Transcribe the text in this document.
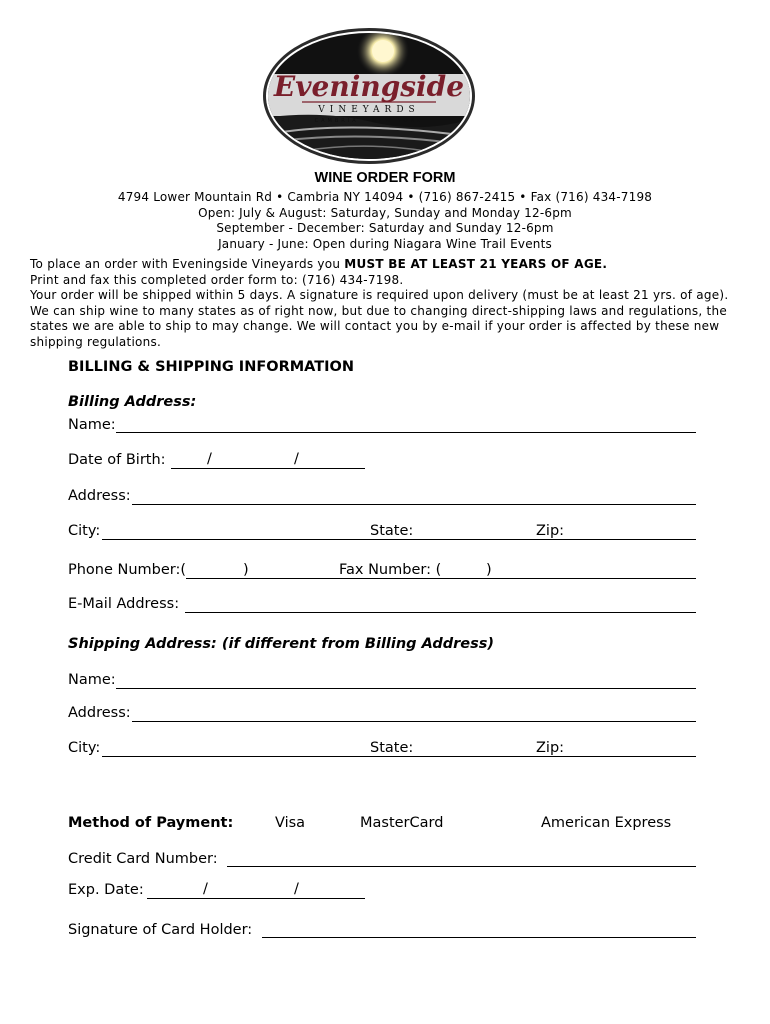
Eveningside
VINEYARDS
CAMBRIA · NEW YORK
WINE ORDER FORM
4794 Lower Mountain Rd • Cambria NY 14094 • (716) 867-2415 • Fax (716) 434-7198
Open: July & August: Saturday, Sunday and Monday 12-6pm
September - December: Saturday and Sunday 12-6pm
January - June: Open during Niagara Wine Trail Events

To place an order with Eveningside Vineyards you MUST BE AT LEAST 21 YEARS OF AGE.

Print and fax this completed order form to: (716) 434-7198.

Your order will be shipped within 5 days. A signature is required upon delivery (must be at least 21 yrs. of age). We can ship wine to many states as of right now, but due to changing direct-shipping laws and regulations, the states we are able to ship to may change. We will contact you by e-mail if your order is affected by these new shipping regulations.

BILLING & SHIPPING INFORMATION
Billing Address:
Name:
Date of Birth:	/	/
Address:
City:	State:	Zip:
Phone Number:(	)	Fax Number: (	)
E-Mail Address:
Shipping Address: (if different from Billing Address)
Name:
Address:
City:	State:	Zip:
Method of Payment:	Visa	MasterCard	American Express
Credit Card Number:
Exp. Date:	/	/
Signature of Card Holder:
